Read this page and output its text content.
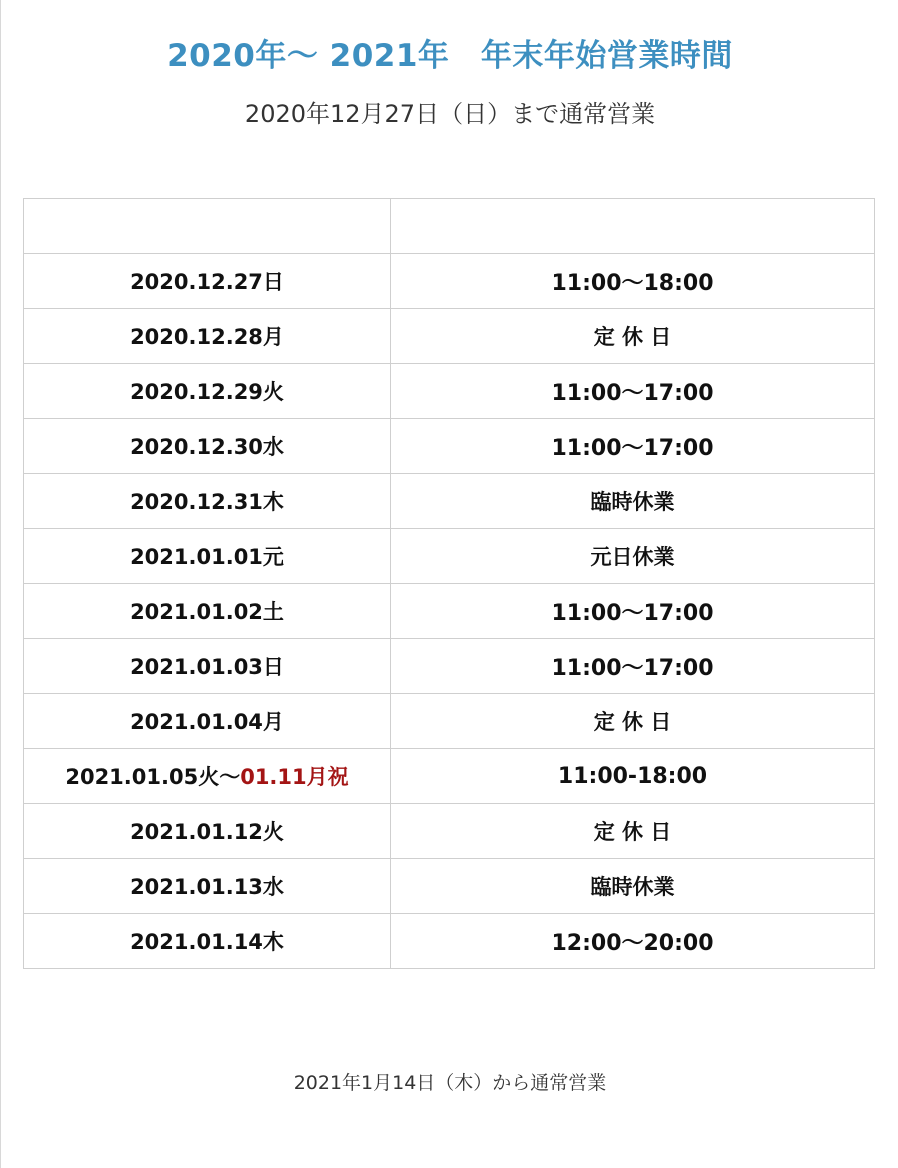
2020年～ 2021年　年末年始営業時間

2020年12月27日（日）まで通常営業

2020.12.27日	11:00～18:00
2020.12.28月	定 休 日
2020.12.29火	11:00～17:00
2020.12.30水	11:00～17:00
2020.12.31木	臨時休業
2021.01.01元	元日休業
2021.01.02土	11:00～17:00
2021.01.03日	11:00～17:00
2021.01.04月	定 休 日
2021.01.05火～01.11月祝	11:00-18:00
2021.01.12火	定 休 日
2021.01.13水	臨時休業
2021.01.14木	12:00～20:00

2021年1月14日（木）から通常営業
